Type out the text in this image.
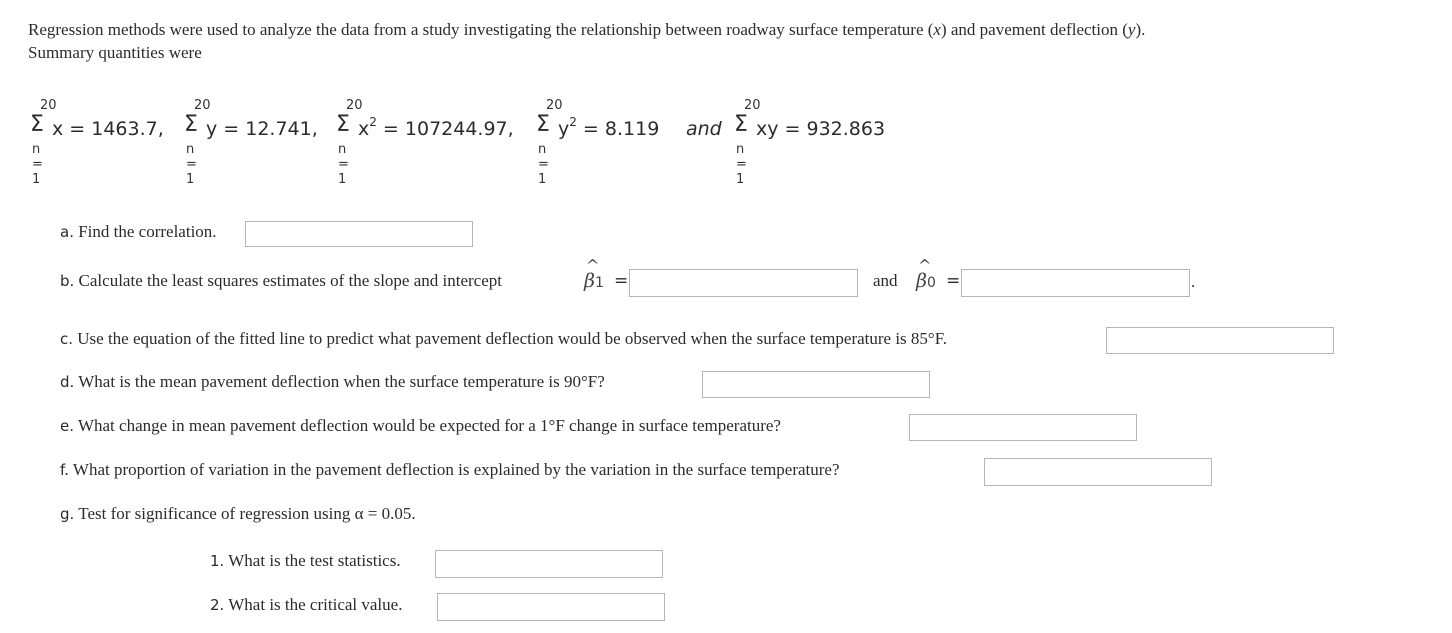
Regression methods were used to analyze the data from a study investigating the relationship between roadway surface temperature (x) and pavement deflection (y).
Summary quantities were
20
Σ
n = 1
x = 1463.7,
20
Σ
n = 1
y = 12.741,
20
Σ
n = 1
$x^2 = 107244.97$,
20
Σ
n = 1
$y^2 = 8.119$ and
20
Σ
n = 1
xy = 932.863
a. Find the correlation.
b. Calculate the least squares estimates of the slope and intercept
^
β1 =	and
^
β0 =	.
c. Use the equation of the fitted line to predict what pavement deflection would be observed when the surface temperature is 85°F.
d. What is the mean pavement deflection when the surface temperature is 90°F?
e. What change in mean pavement deflection would be expected for a 1°F change in surface temperature?
f. What proportion of variation in the pavement deflection is explained by the variation in the surface temperature?
g. Test for significance of regression using α = 0.05.
1. What is the test statistics.
2. What is the critical value.
